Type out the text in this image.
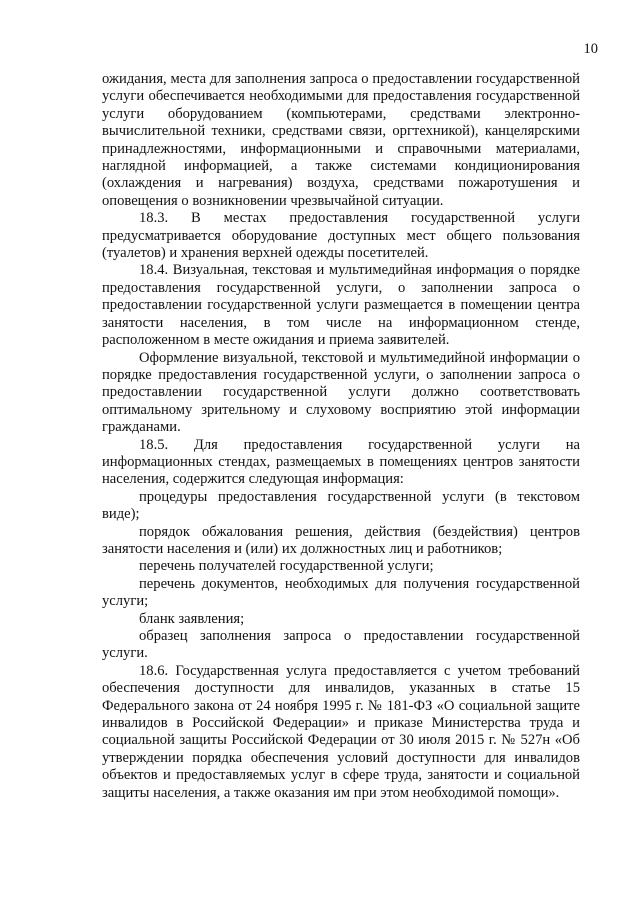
10

ожидания, места для заполнения запроса о предоставлении государственной услуги обеспечивается необходимыми для предоставления государственной услуги оборудованием (компьютерами, средствами электронно-вычислительной техники, средствами связи, оргтехникой), канцелярскими принадлежностями, информационными и справочными материалами, наглядной информацией, а также системами кондиционирования (охлаждения и нагревания) воздуха, средствами пожаротушения и оповещения о возникновении чрезвычайной ситуации.

18.3. В местах предоставления государственной услуги предусматривается оборудование доступных мест общего пользования (туалетов) и хранения верхней одежды посетителей.

18.4. Визуальная, текстовая и мультимедийная информация о порядке предоставления государственной услуги, о заполнении запроса о предоставлении государственной услуги размещается в помещении центра занятости населения, в том числе на информационном стенде, расположенном в месте ожидания и приема заявителей.

Оформление визуальной, текстовой и мультимедийной информации о порядке предоставления государственной услуги, о заполнении запроса о предоставлении государственной услуги должно соответствовать оптимальному зрительному и слуховому восприятию этой информации гражданами.

18.5. Для предоставления государственной услуги на информационных стендах, размещаемых в помещениях центров занятости населения, содержится следующая информация:

процедуры предоставления государственной услуги (в текстовом виде);

порядок обжалования решения, действия (бездействия) центров занятости населения и (или) их должностных лиц и работников;

перечень получателей государственной услуги;

перечень документов, необходимых для получения государственной услуги;

бланк заявления;

образец заполнения запроса о предоставлении государственной услуги.

18.6. Государственная услуга предоставляется с учетом требований обеспечения доступности для инвалидов, указанных в статье 15 Федерального закона от 24 ноября 1995 г. № 181-ФЗ «О социальной защите инвалидов в Российской Федерации» и приказе Министерства труда и социальной защиты Российской Федерации от 30 июля 2015 г. № 527н «Об утверждении порядка обеспечения условий доступности для инвалидов объектов и предоставляемых услуг в сфере труда, занятости и социальной защиты населения, а также оказания им при этом необходимой помощи».
